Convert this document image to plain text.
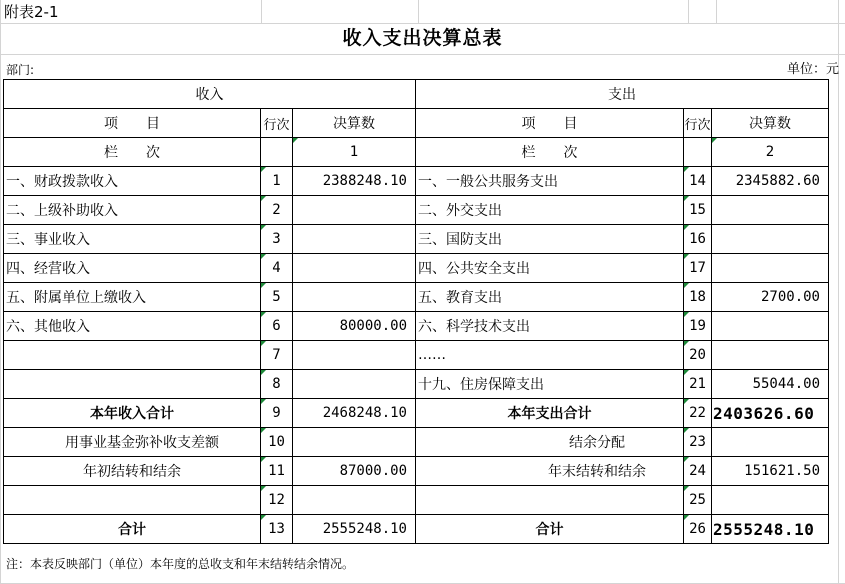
附表2-1
收入支出决算总表
部门:	单位：元
收入			支出		
项　　目	行次	决算数	项　　目	行次	决算数
栏　　次		1	栏　　次		2
一、财政拨款收入	1	2388248.10	一、一般公共服务支出	14	2345882.60
二、上级补助收入	2		二、外交支出	15	
三、事业收入	3		三、国防支出	16	
四、经营收入	4		四、公共安全支出	17	
五、附属单位上缴收入	5		五、教育支出	18	2700.00
六、其他收入	6	80000.00	六、科学技术支出	19	
	7		……	20	
	8		十九、住房保障支出	21	55044.00
本年收入合计	9	2468248.10	本年支出合计	22	2403626.60
用事业基金弥补收支差额	10		结余分配	23	
年初结转和结余	11	87000.00	年末结转和结余	24	151621.50
	12			25	
合计	13	2555248.10	合计	26	2555248.10
注：本表反映部门（单位）本年度的总收支和年末结转结余情况。
